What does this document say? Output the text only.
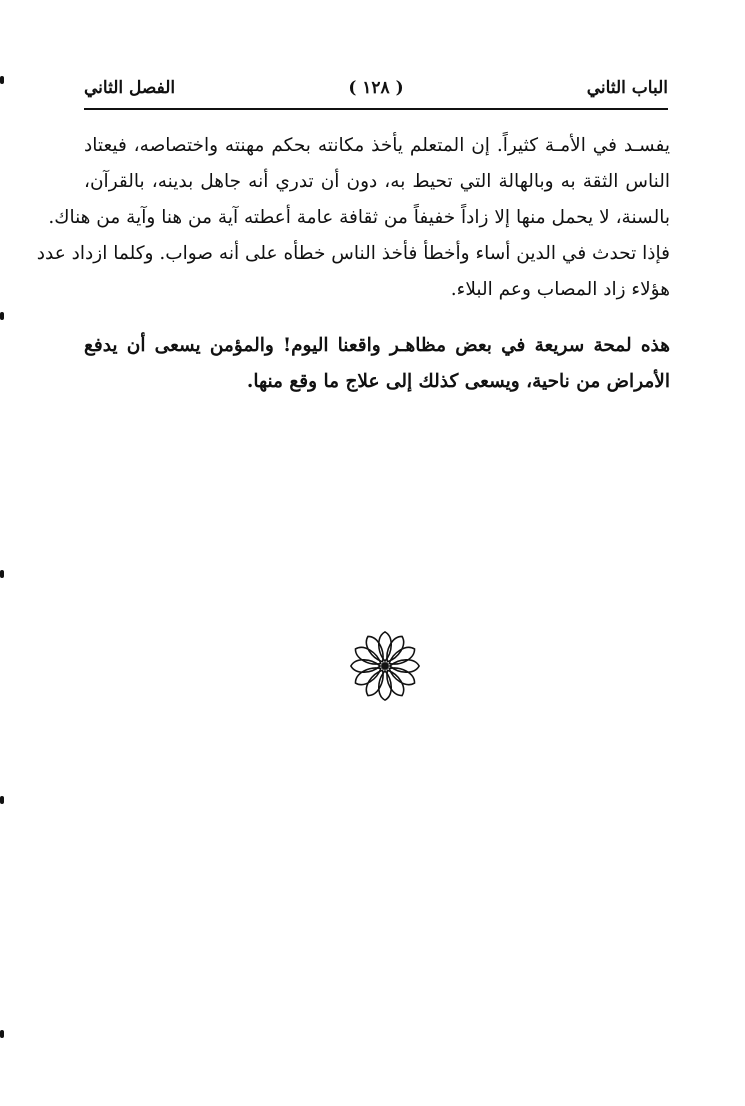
الباب الثاني
( ١٢٨ )
الفصل الثاني
يفسـد في الأمـة كثيراً. إن المتعلم يأخذ مكانته بحكم مهنته واختصاصه، فيعتاد
الناس الثقة به وبالهالة التي تحيط به، دون أن تدري أنه جاهل بدينه، بالقرآن،
بالسنة، لا يحمل منها إلا زاداً خفيفاً من ثقافة عامة أعطته آية من هنا وآية من هناك.
فإذا تحدث في الدين أساء وأخطأ فأخذ الناس خطأه على أنه صواب. وكلما ازداد عدد
هؤلاء زاد المصاب وعم البلاء.
هذه لمحة سريعة في بعض مظاهـر واقعنا اليوم! والمؤمن يسعى أن يدفع
الأمراض من ناحية، ويسعى كذلك إلى علاج ما وقع منها.
